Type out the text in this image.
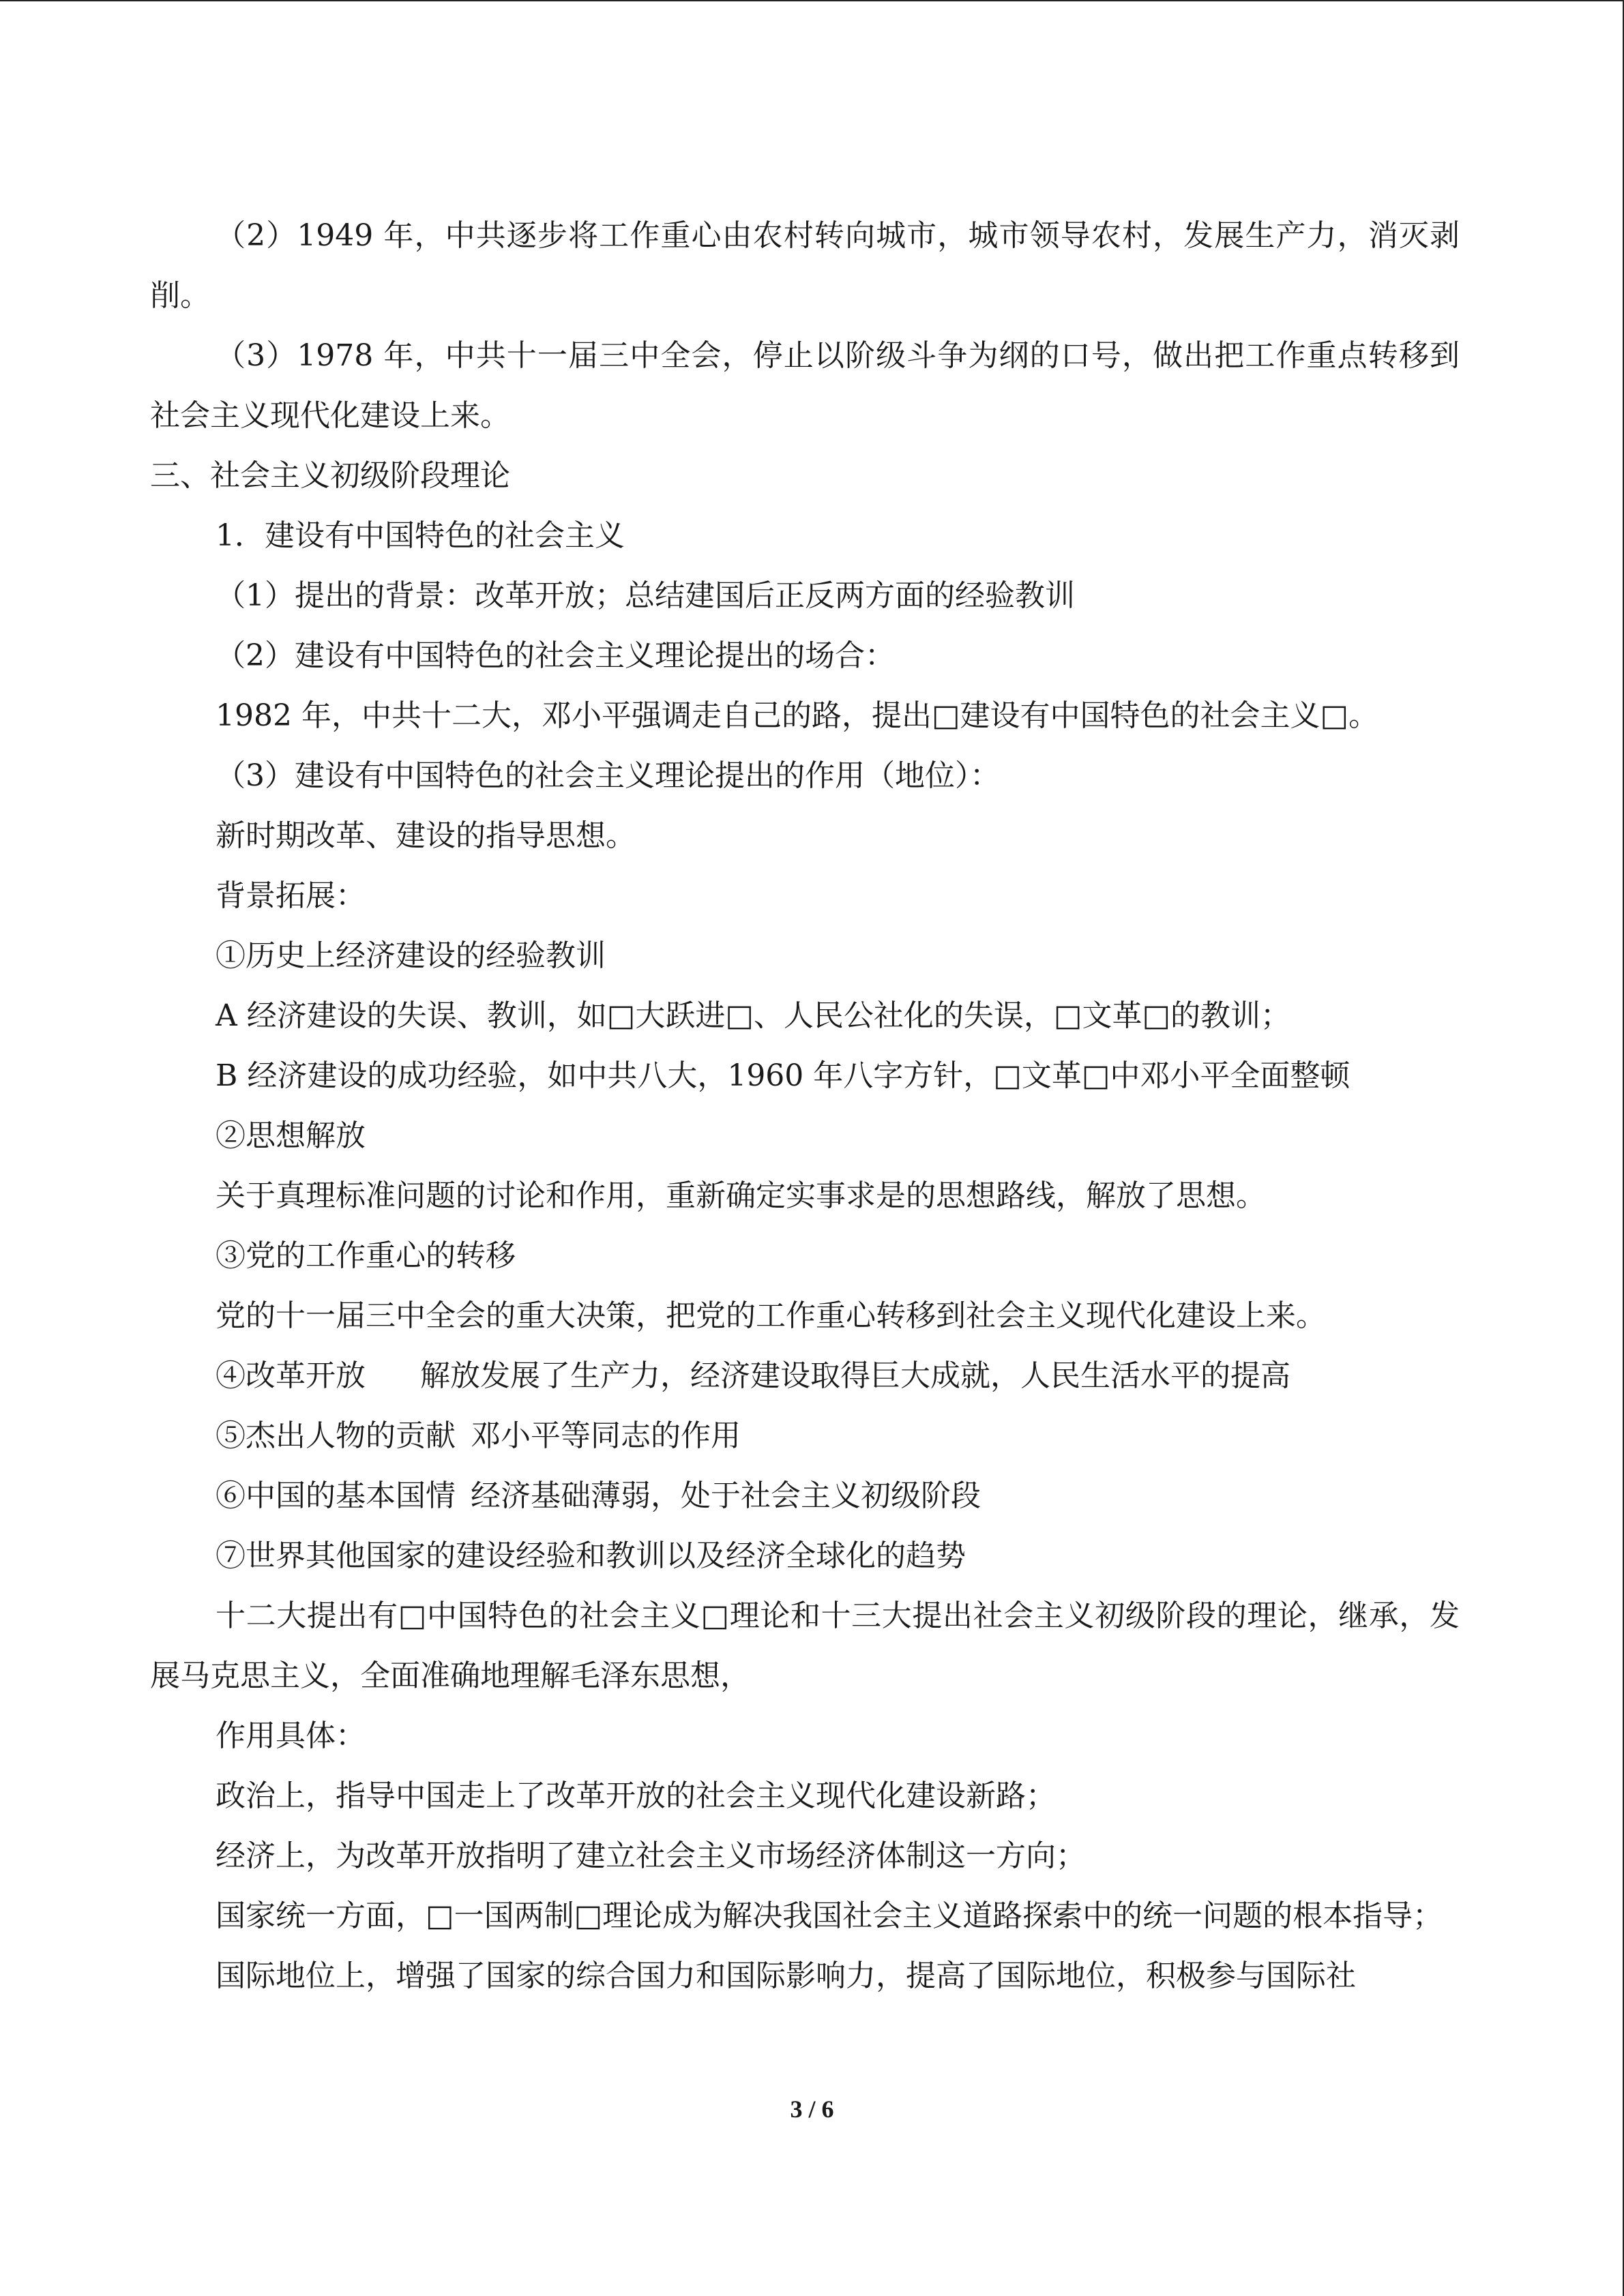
（2）1949 年，中共逐步将工作重心由农村转向城市，城市领导农村，发展生产力，消灭剥削。

（3）1978 年，中共十一届三中全会，停止以阶级斗争为纲的口号，做出把工作重点转移到社会主义现代化建设上来。

三、社会主义初级阶段理论

1．建设有中国特色的社会主义

（1）提出的背景：改革开放；总结建国后正反两方面的经验教训

（2）建设有中国特色的社会主义理论提出的场合：

1982 年，中共十二大，邓小平强调走自己的路，提出□建设有中国特色的社会主义□。

（3）建设有中国特色的社会主义理论提出的作用（地位）：

新时期改革、建设的指导思想。

背景拓展：

①历史上经济建设的经验教训

A 经济建设的失误、教训，如□大跃进□、人民公社化的失误，□文革□的教训；

B 经济建设的成功经验，如中共八大，1960 年八字方针，□文革□中邓小平全面整顿

②思想解放

关于真理标准问题的讨论和作用，重新确定实事求是的思想路线，解放了思想。

③党的工作重心的转移

党的十一届三中全会的重大决策，把党的工作重心转移到社会主义现代化建设上来。

④改革开放 解放发展了生产力，经济建设取得巨大成就，人民生活水平的提高

⑤杰出人物的贡献 邓小平等同志的作用

⑥中国的基本国情 经济基础薄弱，处于社会主义初级阶段

⑦世界其他国家的建设经验和教训以及经济全球化的趋势

十二大提出有□中国特色的社会主义□理论和十三大提出社会主义初级阶段的理论，继承，发展马克思主义，全面准确地理解毛泽东思想，

作用具体：

政治上，指导中国走上了改革开放的社会主义现代化建设新路；

经济上，为改革开放指明了建立社会主义市场经济体制这一方向；

国家统一方面，□一国两制□理论成为解决我国社会主义道路探索中的统一问题的根本指导；

国际地位上，增强了国家的综合国力和国际影响力，提高了国际地位，积极参与国际社

3 / 6
